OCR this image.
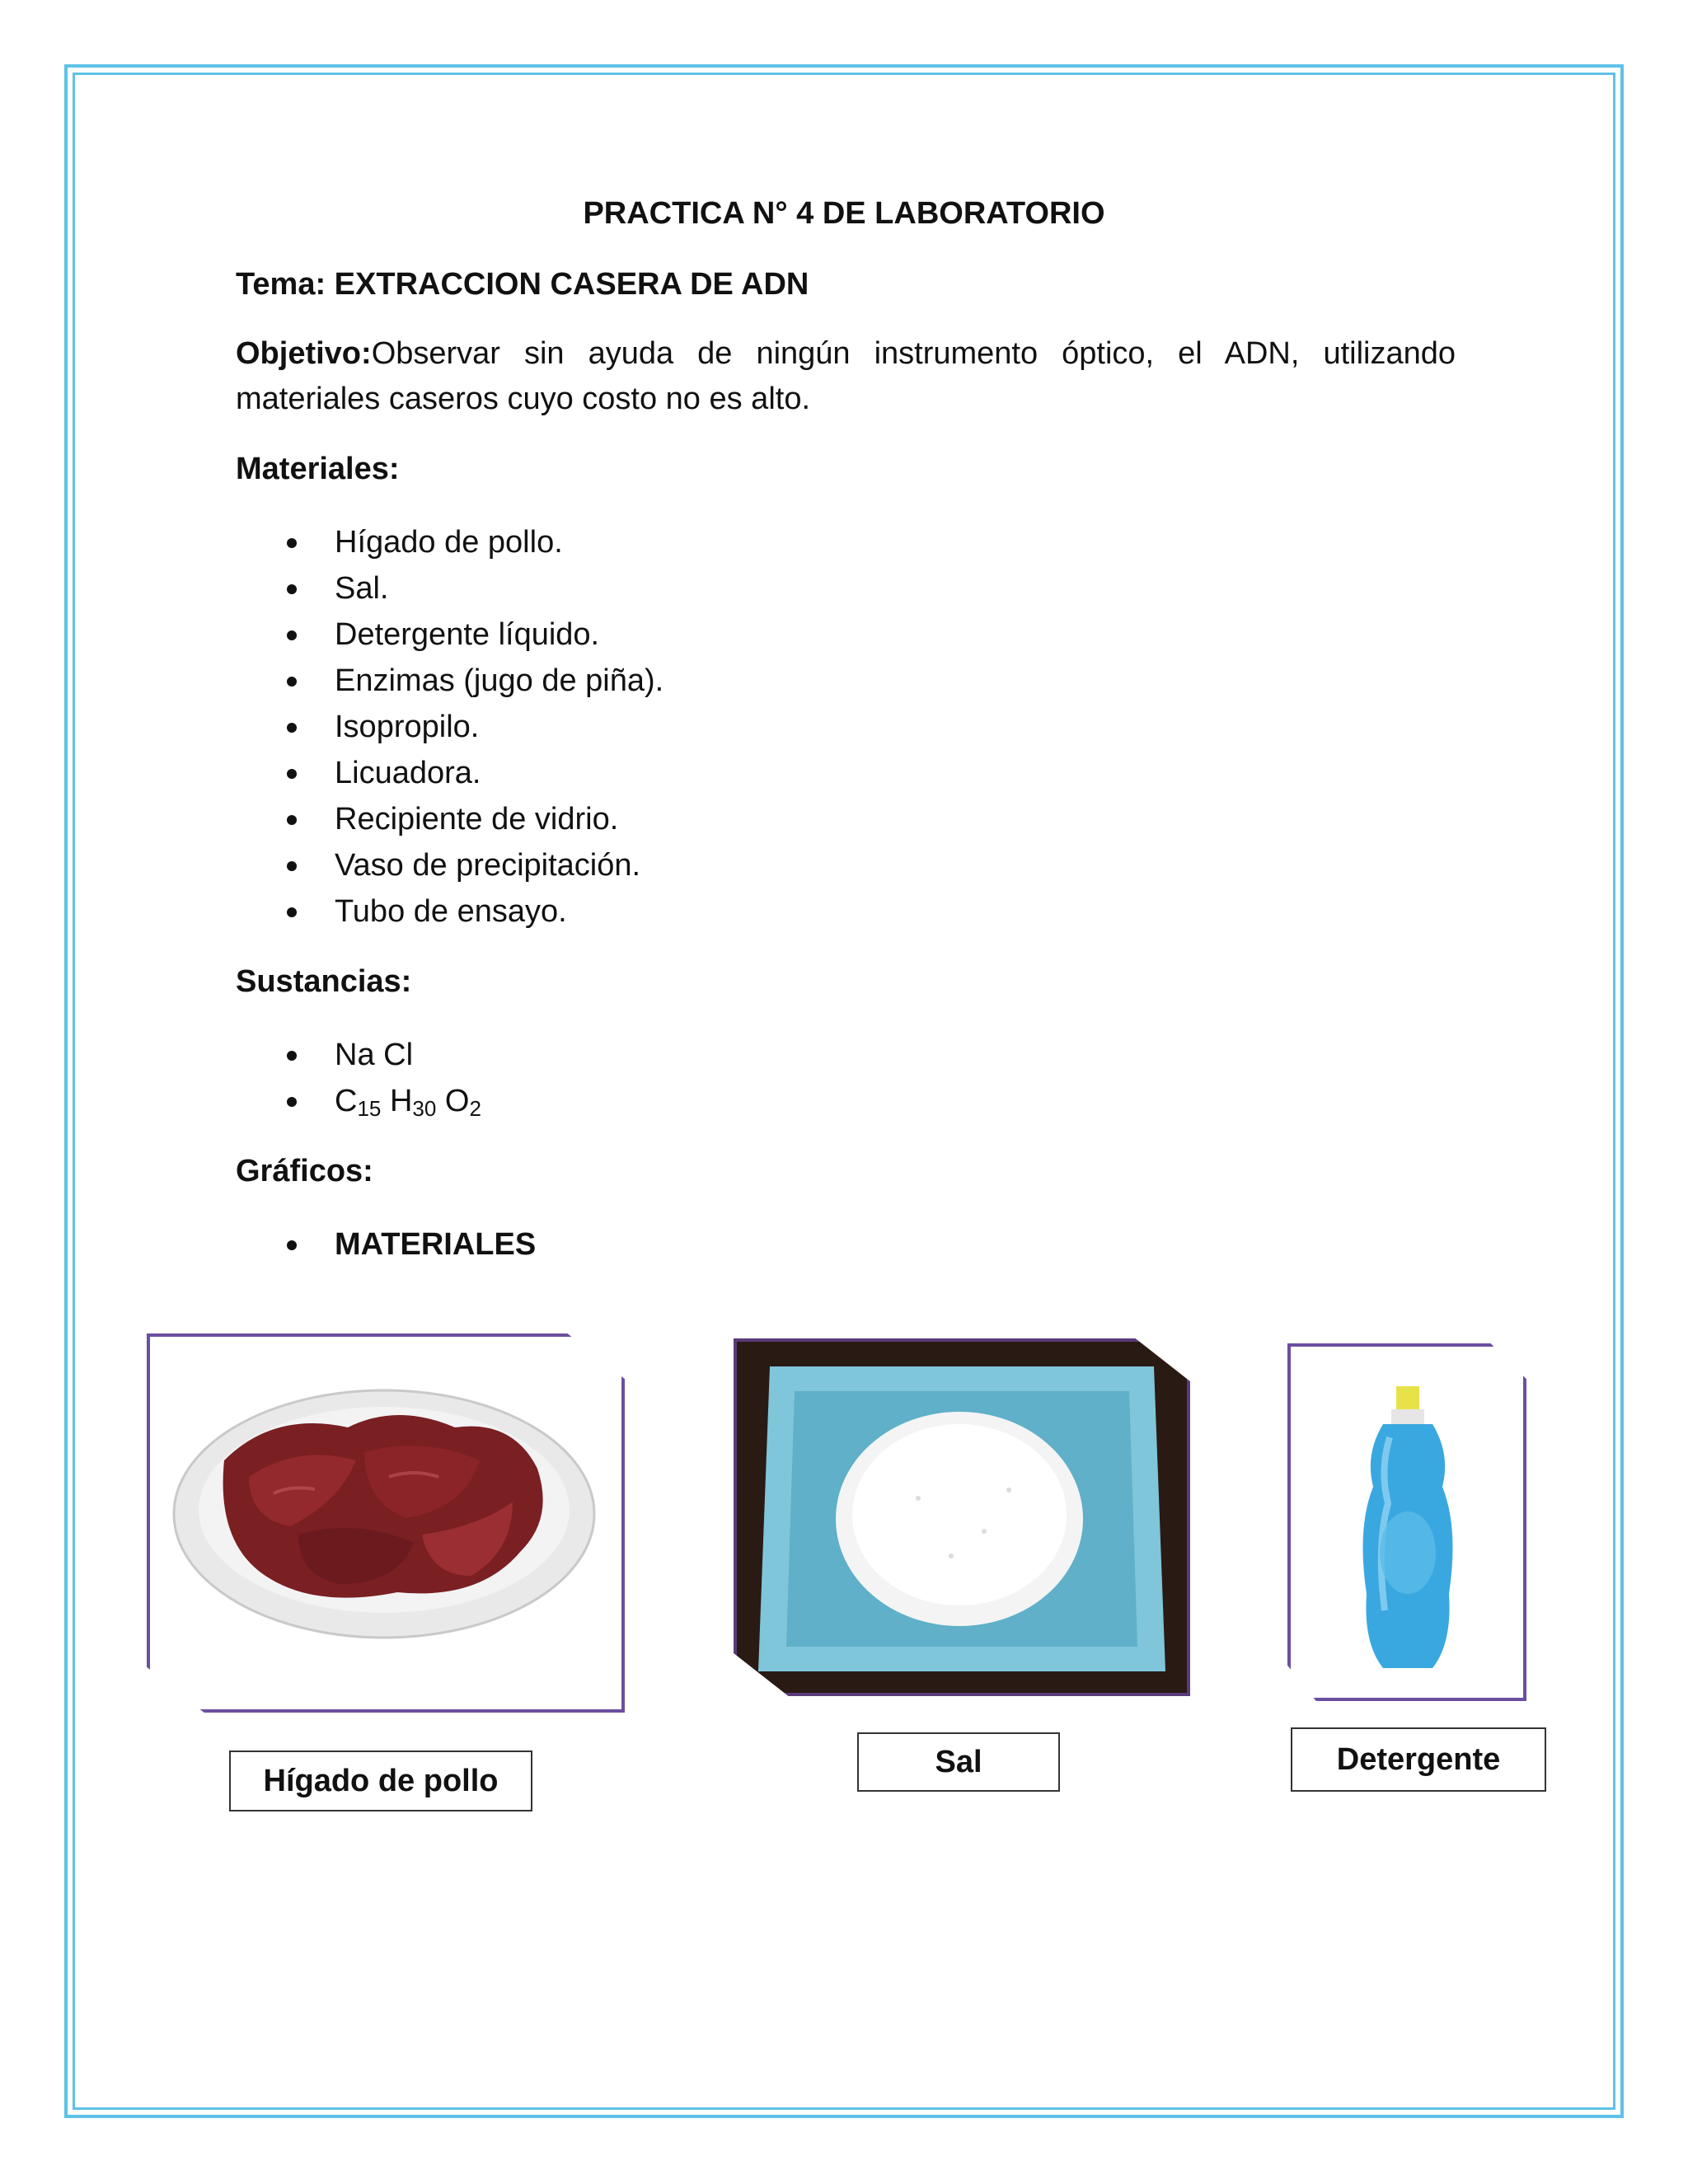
PRACTICA N° 4 DE LABORATORIO
Tema: EXTRACCION CASERA DE ADN
Objetivo:Observar sin ayuda de ningún instrumento óptico, el ADN, utilizando materiales caseros cuyo costo no es alto.
Materiales:
Hígado de pollo.
Sal.
Detergente líquido.
Enzimas (jugo de piña).
Isopropilo.
Licuadora.
Recipiente de vidrio.
Vaso de precipitación.
Tubo de ensayo.
Sustancias:
Na Cl
$C_{15}$ $H_{30}$ $O_2$
Gráficos:
MATERIALES
Hígado de pollo
Sal	Detergente
